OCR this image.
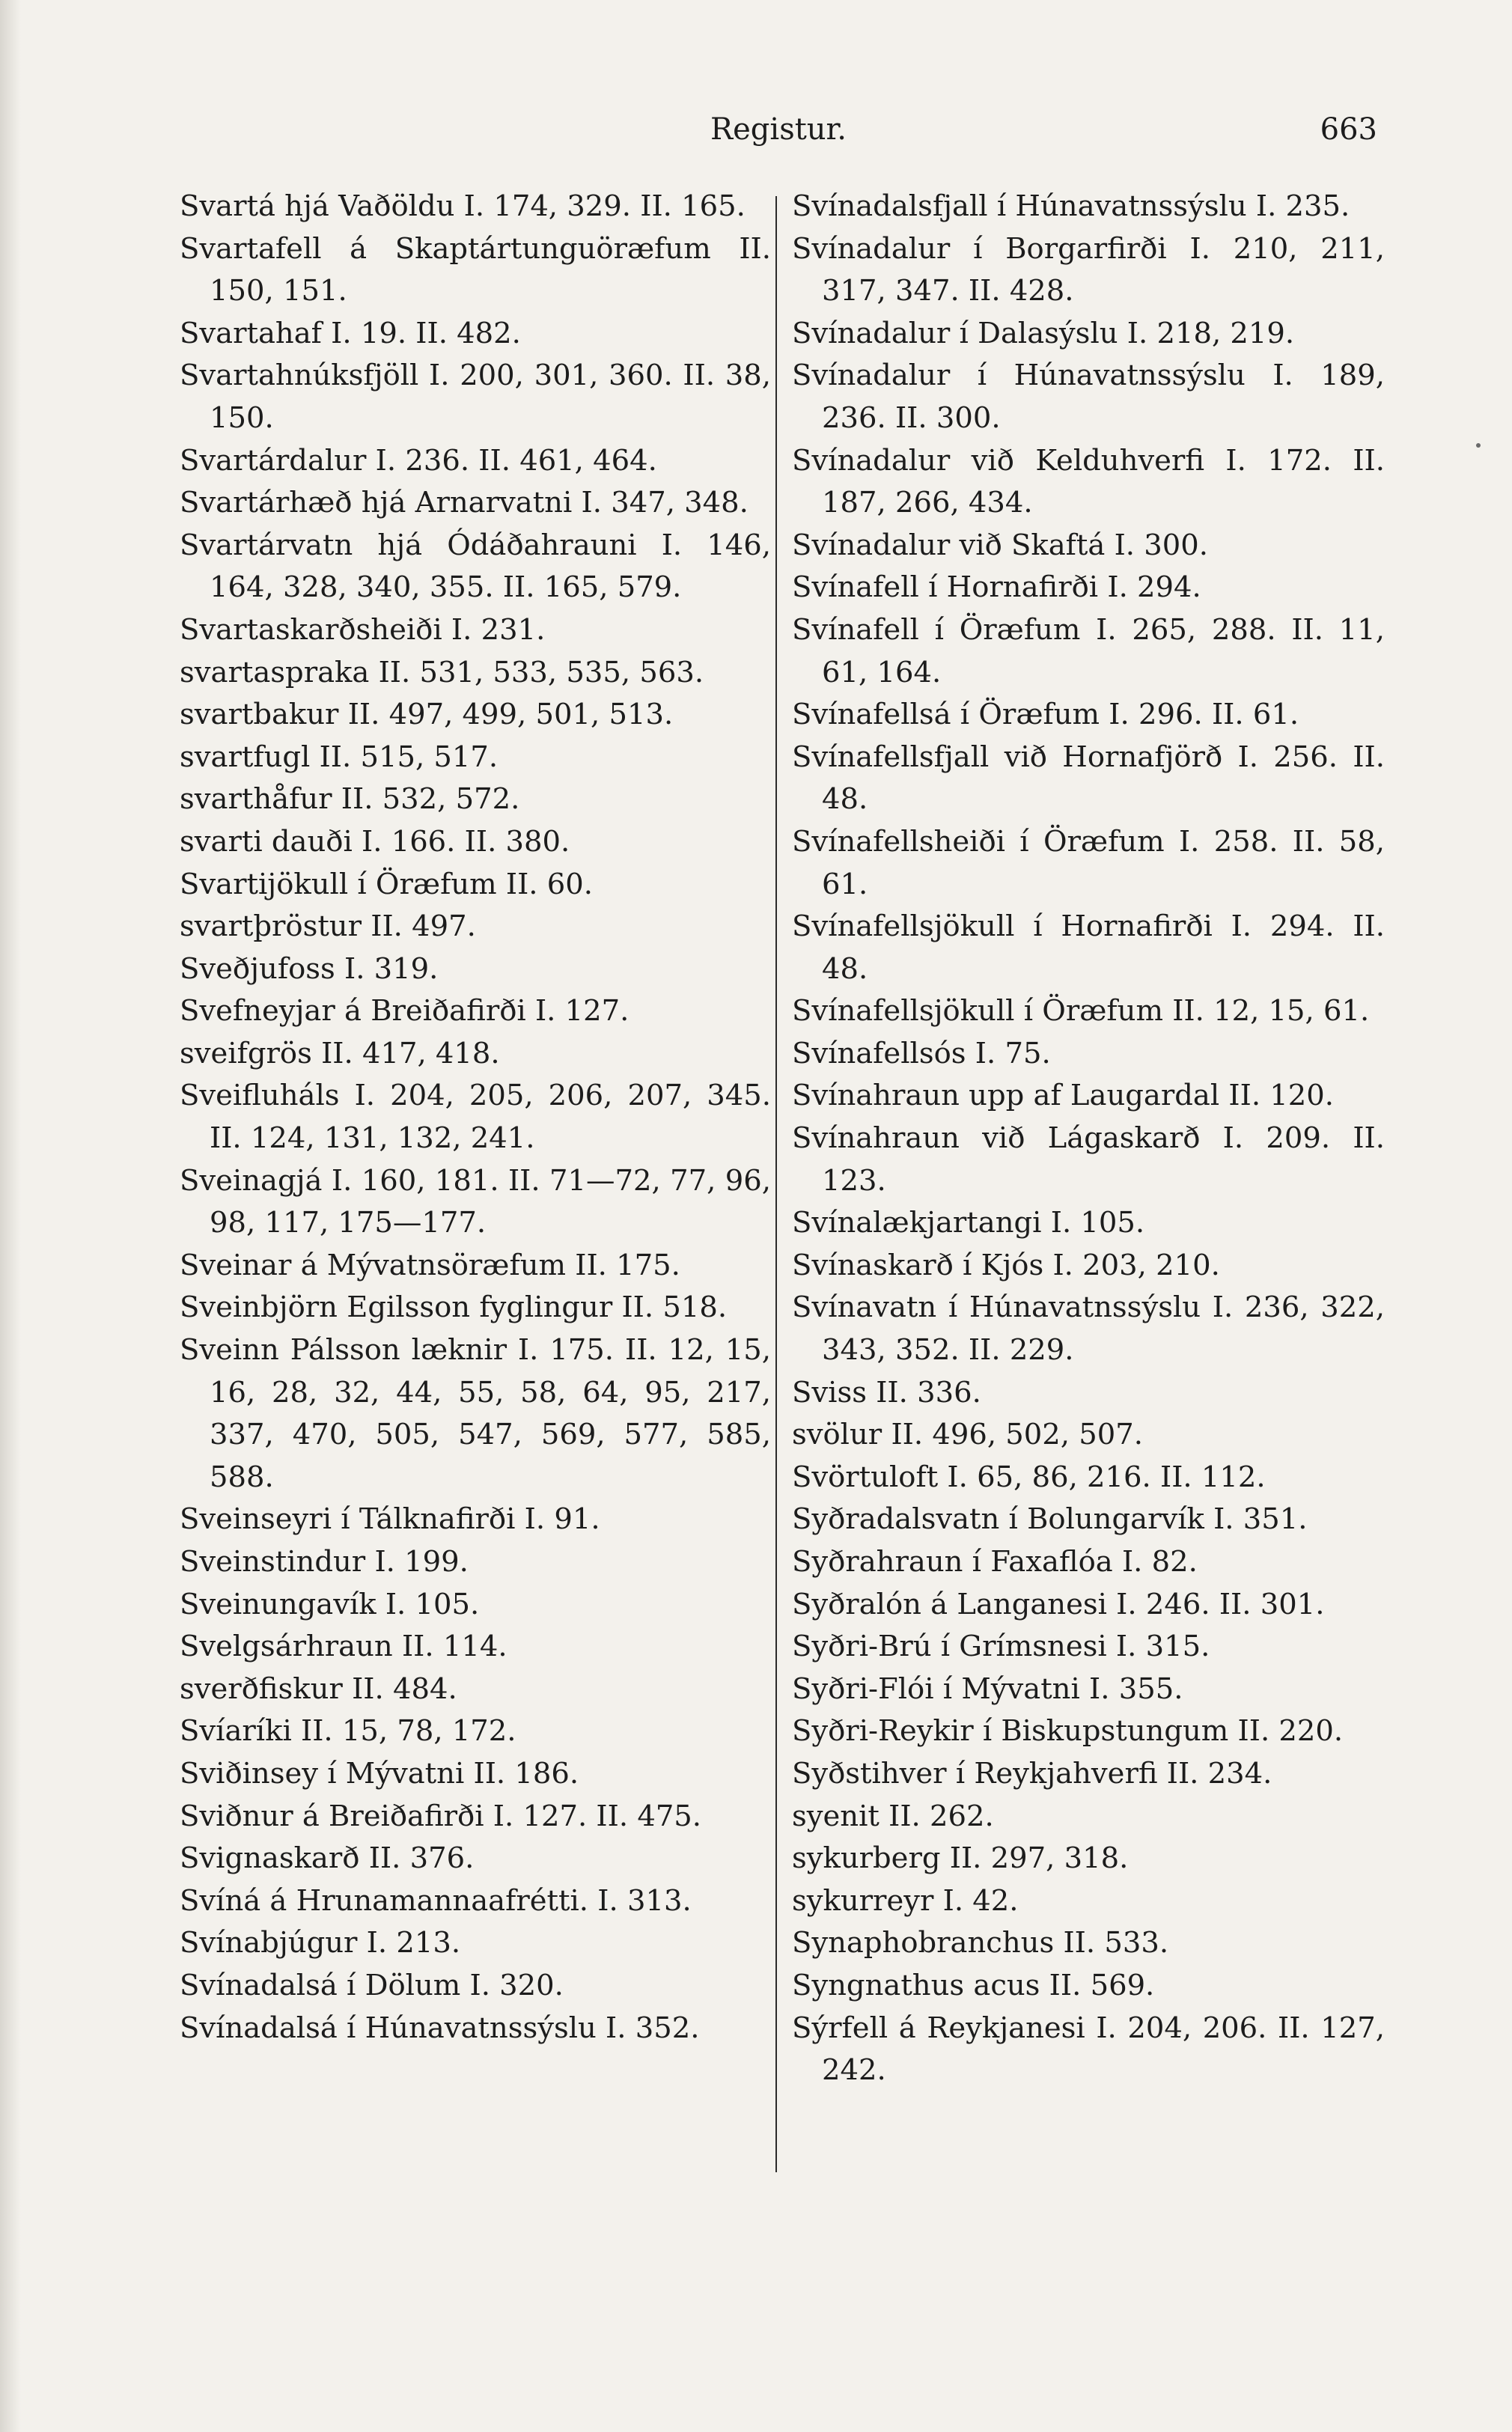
Registur.	663

Svartá hjá Vaðöldu I. 174, 329. II. 165.

Svartafell á Skaptártunguöræfum II. 150, 151.

Svartahaf I. 19. II. 482.

Svartahnúksfjöll I. 200, 301, 360. II. 38, 150.

Svartárdalur I. 236. II. 461, 464.

Svartárhæð hjá Arnarvatni I. 347, 348.

Svartárvatn hjá Ódáðahrauni I. 146, 164, 328, 340, 355. II. 165, 579.

Svartaskarðsheiði I. 231.

svartaspraka II. 531, 533, 535, 563.

svartbakur II. 497, 499, 501, 513.

svartfugl II. 515, 517.

svarthåfur II. 532, 572.

svarti dauði I. 166. II. 380.

Svartijökull í Öræfum II. 60.

svartþröstur II. 497.

Sveðjufoss I. 319.

Svefneyjar á Breiðafirði I. 127.

sveifgrös II. 417, 418.

Sveifluháls I. 204, 205, 206, 207, 345. II. 124, 131, 132, 241.

Sveinagjá I. 160, 181. II. 71—72, 77, 96, 98, 117, 175—177.

Sveinar á Mývatnsöræfum II. 175.

Sveinbjörn Egilsson fyglingur II. 518.

Sveinn Pálsson læknir I. 175. II. 12, 15, 16, 28, 32, 44, 55, 58, 64, 95, 217, 337, 470, 505, 547, 569, 577, 585, 588.

Sveinseyri í Tálknafirði I. 91.

Sveinstindur I. 199.

Sveinungavík I. 105.

Svelgsárhraun II. 114.

sverðfiskur II. 484.

Svíaríki II. 15, 78, 172.

Sviðinsey í Mývatni II. 186.

Sviðnur á Breiðafirði I. 127. II. 475.

Svignaskarð II. 376.

Svíná á Hrunamannaafrétti. I. 313.

Svínabjúgur I. 213.

Svínadalsá í Dölum I. 320.

Svínadalsá í Húnavatnssýslu I. 352.

Svínadalsfjall í Húnavatnssýslu I. 235.

Svínadalur í Borgarfirði I. 210, 211, 317, 347. II. 428.

Svínadalur í Dalasýslu I. 218, 219.

Svínadalur í Húnavatnssýslu I. 189, 236. II. 300.

Svínadalur við Kelduhverfi I. 172. II. 187, 266, 434.

Svínadalur við Skaftá I. 300.

Svínafell í Hornafirði I. 294.

Svínafell í Öræfum I. 265, 288. II. 11, 61, 164.

Svínafellsá í Öræfum I. 296. II. 61.

Svínafellsfjall við Hornafjörð I. 256. II. 48.

Svínafellsheiði í Öræfum I. 258. II. 58, 61.

Svínafellsjökull í Hornafirði I. 294. II. 48.

Svínafellsjökull í Öræfum II. 12, 15, 61.

Svínafellsós I. 75.

Svínahraun upp af Laugardal II. 120.

Svínahraun við Lágaskarð I. 209. II. 123.

Svínalækjartangi I. 105.

Svínaskarð í Kjós I. 203, 210.

Svínavatn í Húnavatnssýslu I. 236, 322, 343, 352. II. 229.

Sviss II. 336.

svölur II. 496, 502, 507.

Svörtuloft I. 65, 86, 216. II. 112.

Syðradalsvatn í Bolungarvík I. 351.

Syðrahraun í Faxaflóa I. 82.

Syðralón á Langanesi I. 246. II. 301.

Syðri-Brú í Grímsnesi I. 315.

Syðri-Flói í Mývatni I. 355.

Syðri-Reykir í Biskupstungum II. 220.

Syðstihver í Reykjahverfi II. 234.

syenit II. 262.

sykurberg II. 297, 318.

sykurreyr I. 42.

Synaphobranchus II. 533.

Syngnathus acus II. 569.

Sýrfell á Reykjanesi I. 204, 206. II. 127, 242.
